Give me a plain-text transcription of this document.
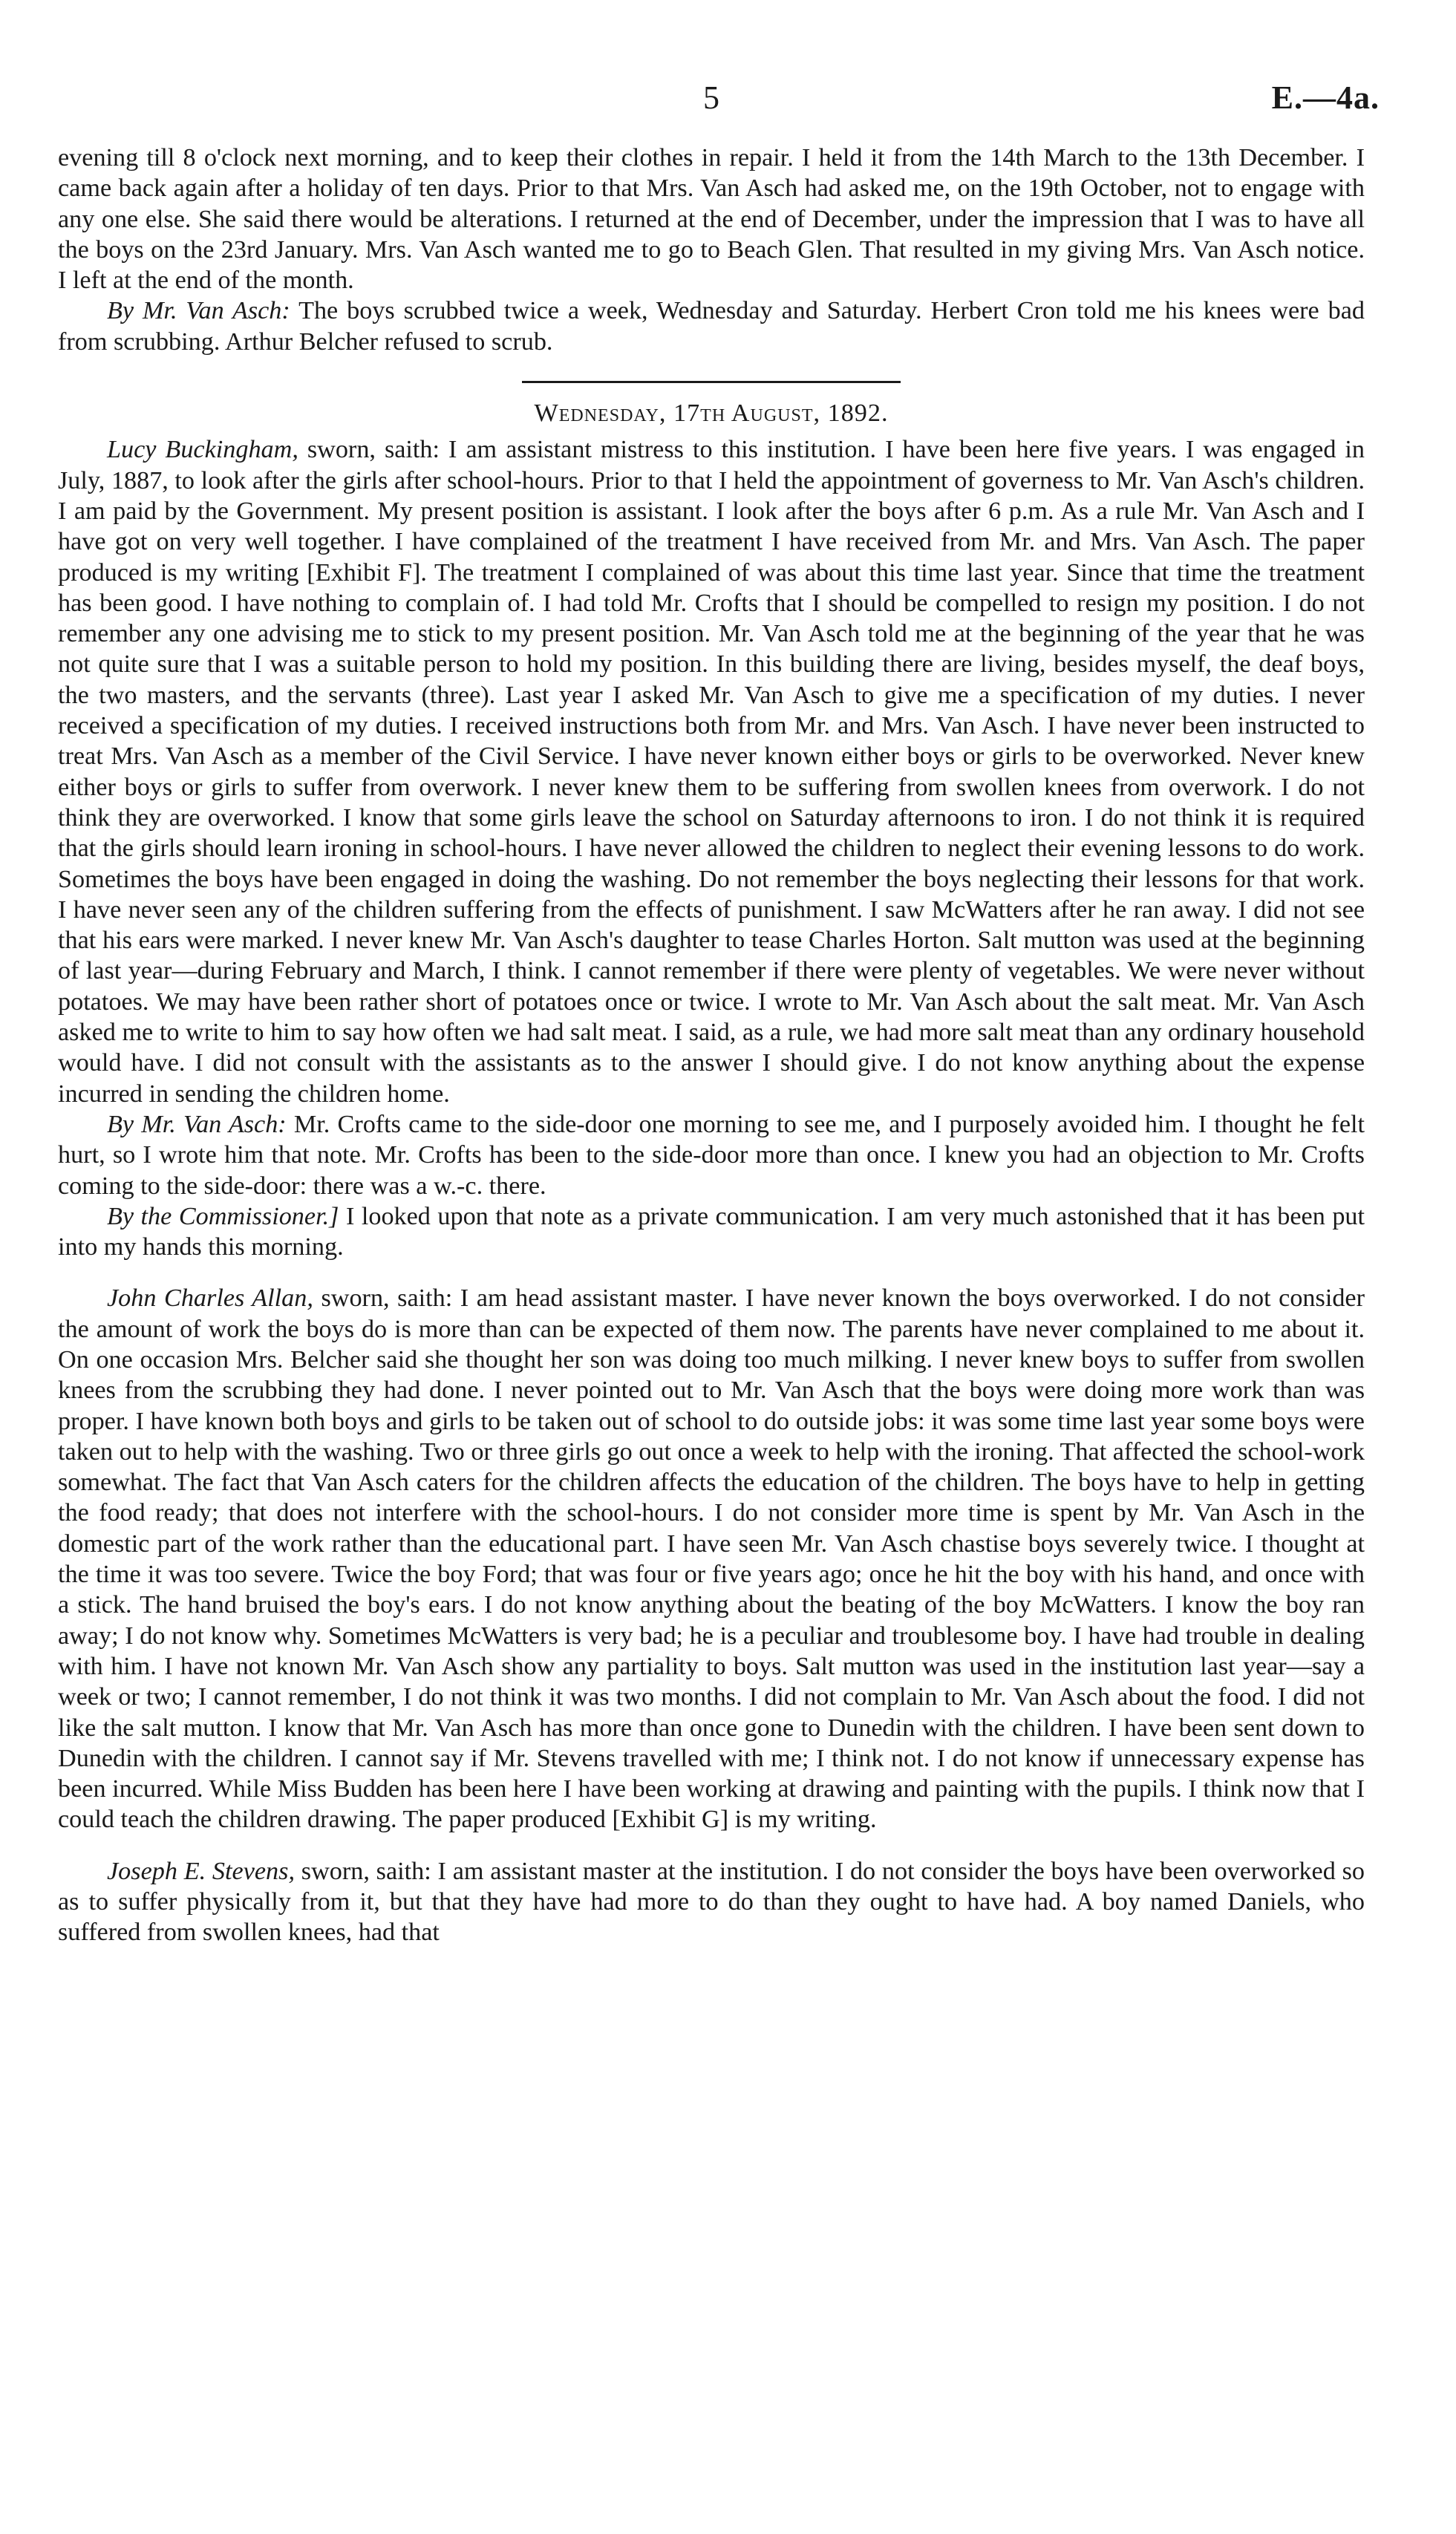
5	E.—4a.

evening till 8 o'clock next morning, and to keep their clothes in repair. I held it from the 14th March to the 13th December. I came back again after a holiday of ten days. Prior to that Mrs. Van Asch had asked me, on the 19th October, not to engage with any one else. She said there would be alterations. I returned at the end of December, under the impression that I was to have all the boys on the 23rd January. Mrs. Van Asch wanted me to go to Beach Glen. That resulted in my giving Mrs. Van Asch notice. I left at the end of the month.

By Mr. Van Asch: The boys scrubbed twice a week, Wednesday and Saturday. Herbert Cron told me his knees were bad from scrubbing. Arthur Belcher refused to scrub.

Wednesday, 17th August, 1892.

Lucy Buckingham, sworn, saith: I am assistant mistress to this institution. I have been here five years. I was engaged in July, 1887, to look after the girls after school-hours. Prior to that I held the appointment of governess to Mr. Van Asch's children. I am paid by the Government. My present position is assistant. I look after the boys after 6 p.m. As a rule Mr. Van Asch and I have got on very well together. I have complained of the treatment I have received from Mr. and Mrs. Van Asch. The paper produced is my writing [Exhibit F]. The treatment I complained of was about this time last year. Since that time the treatment has been good. I have nothing to complain of. I had told Mr. Crofts that I should be compelled to resign my position. I do not remember any one advising me to stick to my present position. Mr. Van Asch told me at the beginning of the year that he was not quite sure that I was a suitable person to hold my position. In this building there are living, besides myself, the deaf boys, the two masters, and the servants (three). Last year I asked Mr. Van Asch to give me a specification of my duties. I never received a specification of my duties. I received instructions both from Mr. and Mrs. Van Asch. I have never been instructed to treat Mrs. Van Asch as a member of the Civil Service. I have never known either boys or girls to be overworked. Never knew either boys or girls to suffer from overwork. I never knew them to be suffering from swollen knees from overwork. I do not think they are overworked. I know that some girls leave the school on Saturday afternoons to iron. I do not think it is required that the girls should learn ironing in school-hours. I have never allowed the children to neglect their evening lessons to do work. Sometimes the boys have been engaged in doing the washing. Do not remember the boys neglecting their lessons for that work. I have never seen any of the children suffering from the effects of punishment. I saw McWatters after he ran away. I did not see that his ears were marked. I never knew Mr. Van Asch's daughter to tease Charles Horton. Salt mutton was used at the beginning of last year—during February and March, I think. I cannot remember if there were plenty of vegetables. We were never without potatoes. We may have been rather short of potatoes once or twice. I wrote to Mr. Van Asch about the salt meat. Mr. Van Asch asked me to write to him to say how often we had salt meat. I said, as a rule, we had more salt meat than any ordinary household would have. I did not consult with the assistants as to the answer I should give. I do not know anything about the expense incurred in sending the children home.

By Mr. Van Asch: Mr. Crofts came to the side-door one morning to see me, and I purposely avoided him. I thought he felt hurt, so I wrote him that note. Mr. Crofts has been to the side-door more than once. I knew you had an objection to Mr. Crofts coming to the side-door: there was a w.-c. there.

By the Commissioner.] I looked upon that note as a private communication. I am very much astonished that it has been put into my hands this morning.

John Charles Allan, sworn, saith: I am head assistant master. I have never known the boys overworked. I do not consider the amount of work the boys do is more than can be expected of them now. The parents have never complained to me about it. On one occasion Mrs. Belcher said she thought her son was doing too much milking. I never knew boys to suffer from swollen knees from the scrubbing they had done. I never pointed out to Mr. Van Asch that the boys were doing more work than was proper. I have known both boys and girls to be taken out of school to do outside jobs: it was some time last year some boys were taken out to help with the washing. Two or three girls go out once a week to help with the ironing. That affected the school-work somewhat. The fact that Van Asch caters for the children affects the education of the children. The boys have to help in getting the food ready; that does not interfere with the school-hours. I do not consider more time is spent by Mr. Van Asch in the domestic part of the work rather than the educational part. I have seen Mr. Van Asch chastise boys severely twice. I thought at the time it was too severe. Twice the boy Ford; that was four or five years ago; once he hit the boy with his hand, and once with a stick. The hand bruised the boy's ears. I do not know anything about the beating of the boy McWatters. I know the boy ran away; I do not know why. Sometimes McWatters is very bad; he is a peculiar and troublesome boy. I have had trouble in dealing with him. I have not known Mr. Van Asch show any partiality to boys. Salt mutton was used in the institution last year—say a week or two; I cannot remember, I do not think it was two months. I did not complain to Mr. Van Asch about the food. I did not like the salt mutton. I know that Mr. Van Asch has more than once gone to Dunedin with the children. I have been sent down to Dunedin with the children. I cannot say if Mr. Stevens travelled with me; I think not. I do not know if unnecessary expense has been incurred. While Miss Budden has been here I have been working at drawing and painting with the pupils. I think now that I could teach the children drawing. The paper produced [Exhibit G] is my writing.

Joseph E. Stevens, sworn, saith: I am assistant master at the institution. I do not consider the boys have been overworked so as to suffer physically from it, but that they have had more to do than they ought to have had. A boy named Daniels, who suffered from swollen knees, had that
